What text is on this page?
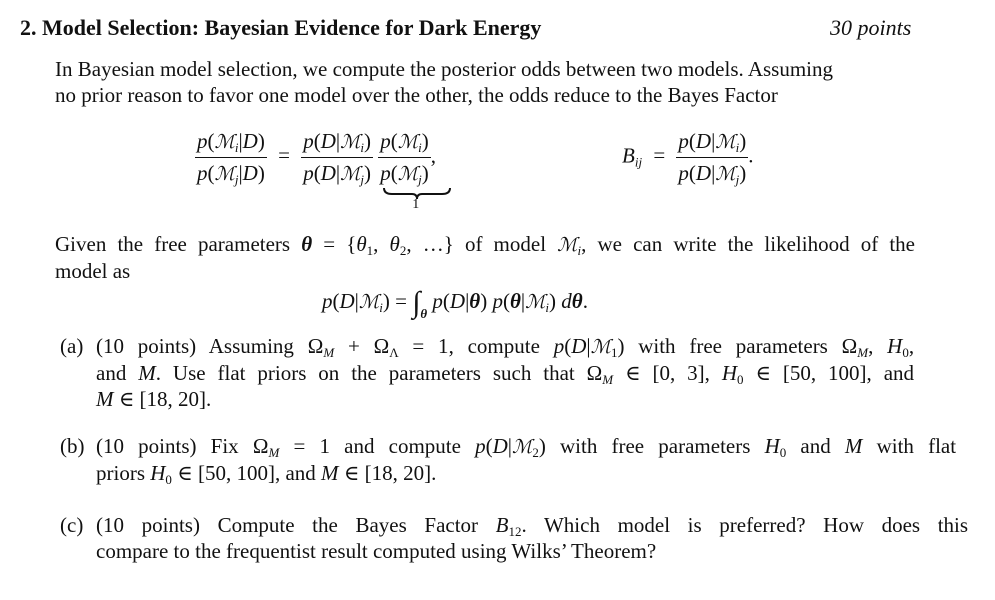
2. Model Selection: Bayesian Evidence for Dark Energy	30 points
In Bayesian model selection, we compute the posterior odds between two models. Assuming
no prior reason to favor one model over the other, the odds reduce to the Bayes Factor
$\frac{p(ℳ_i|D)}{p(ℳ_j|D)} = \frac{p(D|ℳ_i)}{p(D|ℳ_j)}$
$\frac{p(ℳ_i)}{p(ℳ_j)}$
1
,	$B_{ij} = \frac{p(D|ℳ_i)}{p(D|ℳ_j)}$ .
Given the free parameters $\theta = \{\theta_1$, $\theta_2$, …} of model ℳ$_i$, we can write the likelihood of the
model as
p(D|ℳ$_i$) = $\int_\theta$ p(D|θ) p(θ|ℳ$_i$) dθ.
(a) (10 points) Assuming $\Omega_M + \Omega_\Lambda = 1$, compute p(D|ℳ$_1$) with free parameters $\Omega_M$, $H_0$,
and M. Use flat priors on the parameters such that $\Omega_M$ ∈ [0, 3], $H_0$ ∈ [50, 100], and
M ∈ [18, 20].
(b) (10 points) Fix $\Omega_M = 1$ and compute p(D|ℳ$_2$) with free parameters $H_0$ and M with flat
priors $H_0$ ∈ [50, 100], and M ∈ [18, 20].
(c) (10 points) Compute the Bayes Factor $B_{12}$. Which model is preferred? How does this
compare to the frequentist result computed using Wilks’ Theorem?
